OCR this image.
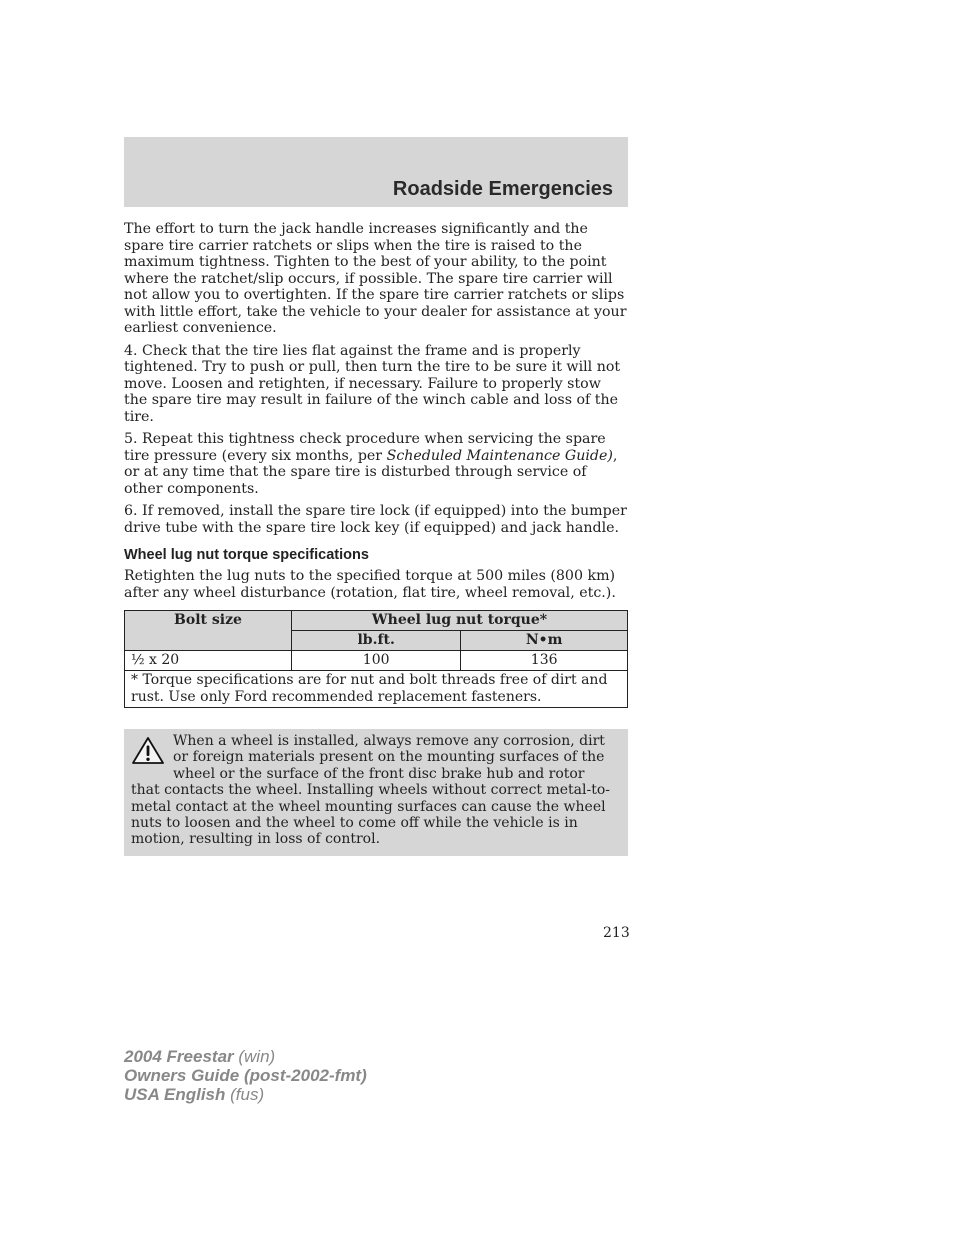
Roadside Emergencies

The effort to turn the jack handle increases significantly and the spare tire carrier ratchets or slips when the tire is raised to the maximum tightness. Tighten to the best of your ability, to the point where the ratchet/slip occurs, if possible. The spare tire carrier will not allow you to overtighten. If the spare tire carrier ratchets or slips with little effort, take the vehicle to your dealer for assistance at your earliest convenience.

4. Check that the tire lies flat against the frame and is properly tightened. Try to push or pull, then turn the tire to be sure it will not move. Loosen and retighten, if necessary. Failure to properly stow the spare tire may result in failure of the winch cable and loss of the tire.

5. Repeat this tightness check procedure when servicing the spare tire pressure (every six months, per Scheduled Maintenance Guide), or at any time that the spare tire is disturbed through service of other components.

6. If removed, install the spare tire lock (if equipped) into the bumper drive tube with the spare tire lock key (if equipped) and jack handle.

Wheel lug nut torque specifications

Retighten the lug nuts to the specified torque at 500 miles (800 km) after any wheel disturbance (rotation, flat tire, wheel removal, etc.).

Bolt size	Wheel lug nut torque*	
	lb.ft.	N•m
½ x 20	100	136
* Torque specifications are for nut and bolt threads free of dirt and rust. Use only Ford recommended replacement fasteners.		

When a wheel is installed, always remove any corrosion, dirt or foreign materials present on the mounting surfaces of the wheel or the surface of the front disc brake hub and rotor that contacts the wheel. Installing wheels without correct metal-to-metal contact at the wheel mounting surfaces can cause the wheel nuts to loosen and the wheel to come off while the vehicle is in motion, resulting in loss of control.

213
2004 Freestar (win)
Owners Guide (post-2002-fmt)
USA English (fus)
